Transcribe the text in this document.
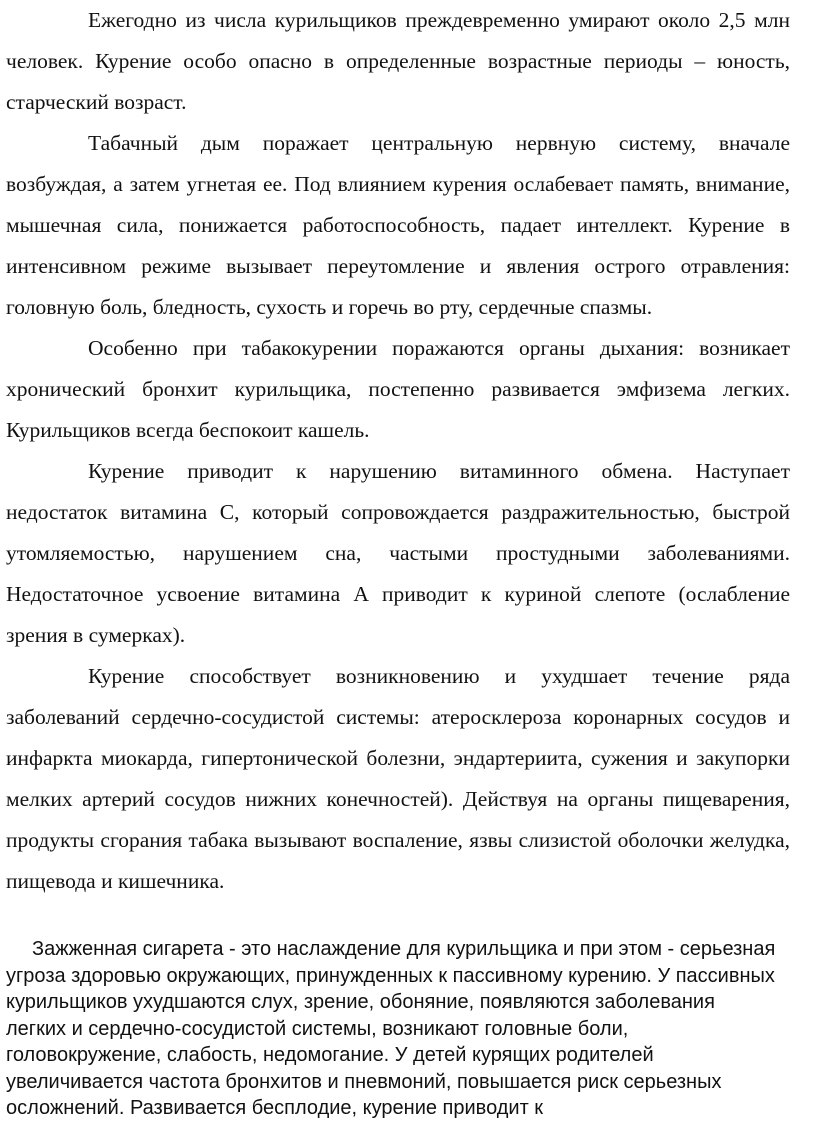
Ежегодно из числа курильщиков преждевременно умирают около 2,5 млн человек. Курение особо опасно в определенные возрастные периоды – юность, старческий возраст.

Табачный дым поражает центральную нервную систему, вначале возбуждая, а затем угнетая ее. Под влиянием курения ослабевает память, внимание, мышечная сила, понижается работоспособность, падает интеллект. Курение в интенсивном режиме вызывает переутомление и явления острого отравления: головную боль, бледность, сухость и горечь во рту, сердечные спазмы.

Особенно при табакокурении поражаются органы дыхания: возникает хронический бронхит курильщика, постепенно развивается эмфизема легких. Курильщиков всегда беспокоит кашель.

Курение приводит к нарушению витаминного обмена. Наступает недостаток витамина С, который сопровождается раздражительностью, быстрой утомляемостью, нарушением сна, частыми простудными заболеваниями. Недостаточное усвоение витамина А приводит к куриной слепоте (ослабление зрения в сумерках).

Курение способствует возникновению и ухудшает течение ряда заболеваний сердечно-сосудистой системы: атеросклероза коронарных сосудов и инфаркта миокарда, гипертонической болезни, эндартериита, сужения и закупорки мелких артерий сосудов нижних конечностей). Действуя на органы пищеварения, продукты сгорания табака вызывают воспаление, язвы слизистой оболочки желудка, пищевода и кишечника.

Зажженная сигарета - это наслаждение для курильщика и при этом - серьезная угроза здоровью окружающих, принужденных к пассивному курению. У пассивных курильщиков ухудшаются слух, зрение, обоняние, появляются заболевания легких и сердечно-сосудистой системы, возникают головные боли, головокружение, слабость, недомогание. У детей курящих родителей увеличивается частота бронхитов и пневмоний, повышается риск серьезных осложнений. Развивается бесплодие, курение приводит к
